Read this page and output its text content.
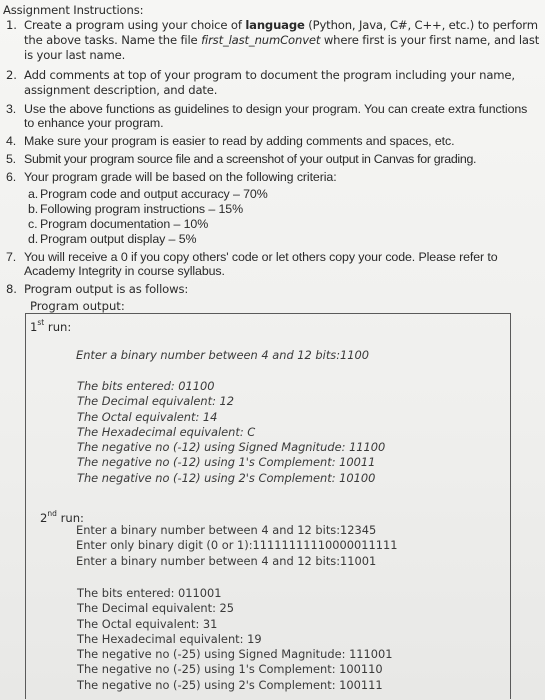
Assignment Instructions:
1. Create a program using your choice of language (Python, Java, C#, C++, etc.) to perform the above tasks. Name the file first_last_numConvet where first is your first name, and last is your last name.
2. Add comments at top of your program to document the program including your name, assignment description, and date.
3. Use the above functions as guidelines to design your program. You can create extra functions to enhance your program.
4. Make sure your program is easier to read by adding comments and spaces, etc.
5. Submit your program source file and a screenshot of your output in Canvas for grading.
6. Your program grade will be based on the following criteria:
a. Program code and output accuracy – 70%
b. Following program instructions – 15%
c. Program documentation – 10%
d. Program output display – 5%
7. You will receive a 0 if you copy others' code or let others copy your code. Please refer to Academy Integrity in course syllabus.
8. Program output is as follows:
Program output:
1st run:
Enter a binary number between 4 and 12 bits:1100
The bits entered: 01100
The Decimal equivalent: 12
The Octal equivalent: 14
The Hexadecimal equivalent: C
The negative no (-12) using Signed Magnitude: 11100
The negative no (-12) using 1's Complement: 10011
The negative no (-12) using 2's Complement: 10100
2nd run:
Enter a binary number between 4 and 12 bits:12345
Enter only binary digit (0 or 1):11111111110000011111
Enter a binary number between 4 and 12 bits:11001
The bits entered: 011001
The Decimal equivalent: 25
The Octal equivalent: 31
The Hexadecimal equivalent: 19
The negative no (-25) using Signed Magnitude: 111001
The negative no (-25) using 1's Complement: 100110
The negative no (-25) using 2's Complement: 100111
